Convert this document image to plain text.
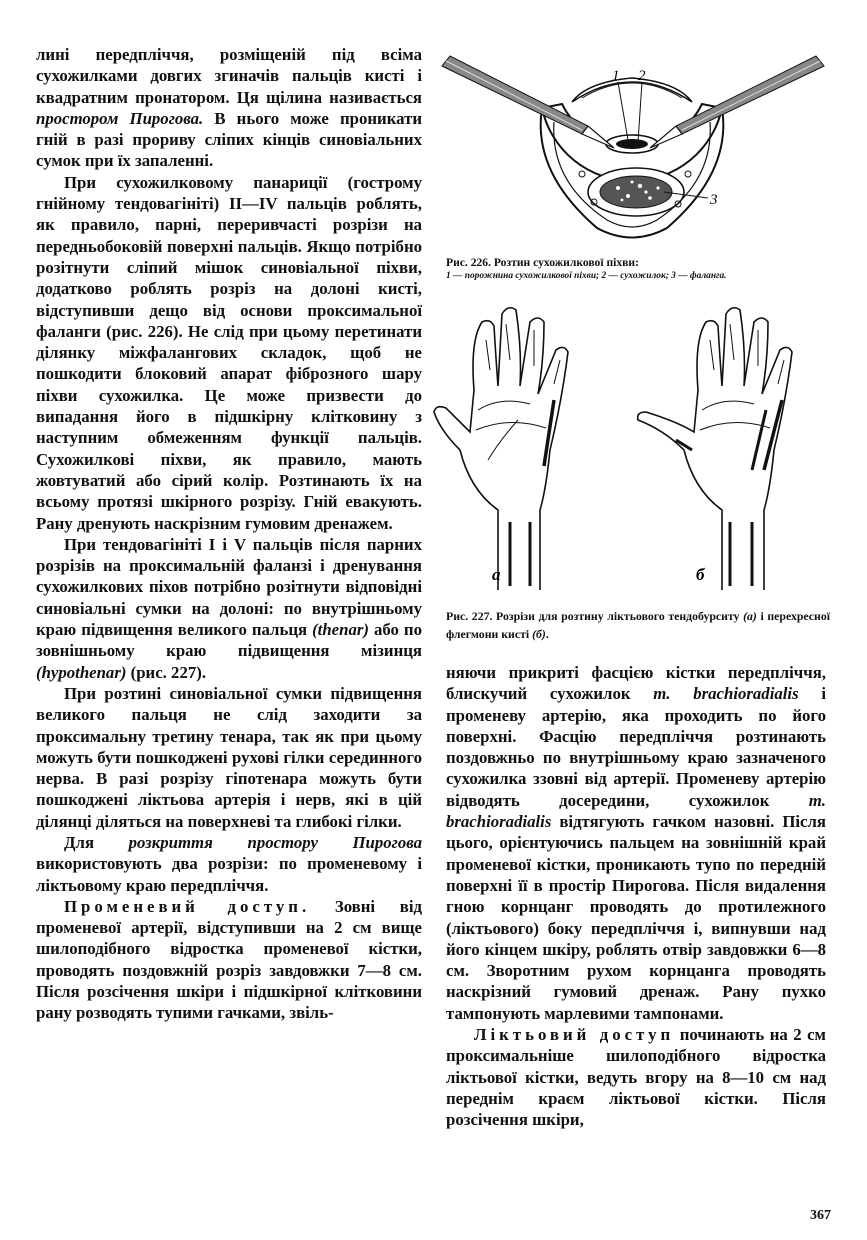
лині передпліччя, розміщеній під всіма сухожилками довгих згиначів пальців кисті і квадратним пронатором. Ця щілина називається простором Пирогова. В нього може проникати гній в разі прориву сліпих кінців синовіальних сумок при їх запаленні.

При сухожилковому панариції (гострому гнійному тендовагініті) II—IV пальців роблять, як правило, парні, переривчасті розрізи на передньобоковій поверхні пальців. Якщо потрібно розітнути сліпий мішок синовіальної піхви, додатково роблять розріз на долоні кисті, відступивши дещо від основи проксимальної фаланги (рис. 226). Не слід при цьому перетинати ділянку міжфалангових складок, щоб не пошкодити блоковий апарат фіброзного шару піхви сухожилка. Це може призвести до випадання його в підшкірну клітковину з наступним обмеженням функції пальців. Сухожилкові піхви, як правило, мають жовтуватий або сірий колір. Розтинають їх на всьому протязі шкірного розрізу. Гній евакують. Рану дренують наскрізним гумовим дренажем.

При тендовагініті I і V пальців після парних розрізів на проксимальній фаланзі і дренування сухожилкових піхов потрібно розітнути відповідні синовіальні сумки на долоні: по внутрішньому краю підвищення великого пальця (thenar) або по зовнішньому краю підвищення мізинця (hypothenar) (рис. 227).

При розтині синовіальної сумки підвищення великого пальця не слід заходити за проксимальну третину тенара, так як при цьому можуть бути пошкоджені рухові гілки серединного нерва. В разі розрізу гіпотенара можуть бути пошкоджені ліктьова артерія і нерв, які в цій ділянці діляться на поверхневі та глибокі гілки.

Для розкриття простору Пирогова використовують два розрізи: по променевому і ліктьовому краю передпліччя.

Променевий доступ. Зовні від променевої артерії, відступивши на 2 см вище шилоподібного відростка променевої кістки, проводять поздовжній розріз завдовжки 7—8 см. Після розсічення шкіри і підшкірної клітковини рану розводять тупими гачками, звіль-

1 2
3
Рис. 226. Розтин сухожилкової піхви:
1 — порожнина сухожилкової піхви; 2 — сухожилок; 3 — фаланга.
а	б
Рис. 227. Розрізи для розтину ліктьового тендобурситу (а) і перехресної флегмони кисті (б).

няючи прикриті фасцією кістки передпліччя, блискучий сухожилок m. brachioradialis і променеву артерію, яка проходить по його поверхні. Фасцію передпліччя розтинають поздовжньо по внутрішньому краю зазначеного сухожилка ззовні від артерії. Променеву артерію відводять досередини, сухожилок m. brachioradialis відтягують гачком назовні. Після цього, орієнтуючись пальцем на зовнішній край променевої кістки, проникають тупо по передній поверхні її в простір Пирогова. Після видалення гною корнцанг проводять до протилежного (ліктьового) боку передпліччя і, випнувши над його кінцем шкіру, роблять отвір завдовжки 6—8 см. Зворотним рухом корнцанга проводять наскрізний гумовий дренаж. Рану пухко тампонують марлевими тампонами.

Ліктьовий доступ починають на 2 см проксимальніше шилоподібного відростка ліктьової кістки, ведуть вгору на 8—10 см над переднім краєм ліктьової кістки. Після розсічення шкіри,

367
